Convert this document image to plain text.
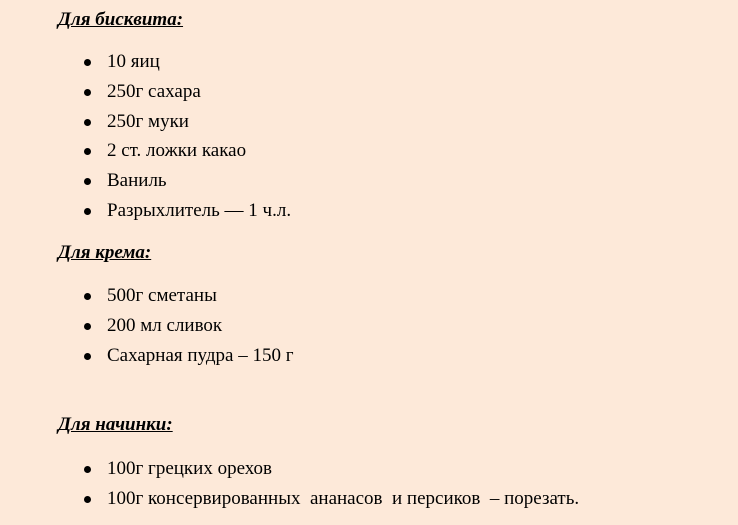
Для бисквита:
10 яиц
250г сахара
250г муки
2 ст. ложки какао
Ваниль
Разрыхлитель — 1 ч.л.
Для крема:
500г сметаны
200 мл сливок
Сахарная пудра – 150 г
Для начинки:
100г грецких орехов
100г консервированных  ананасов  и персиков  – порезать.
